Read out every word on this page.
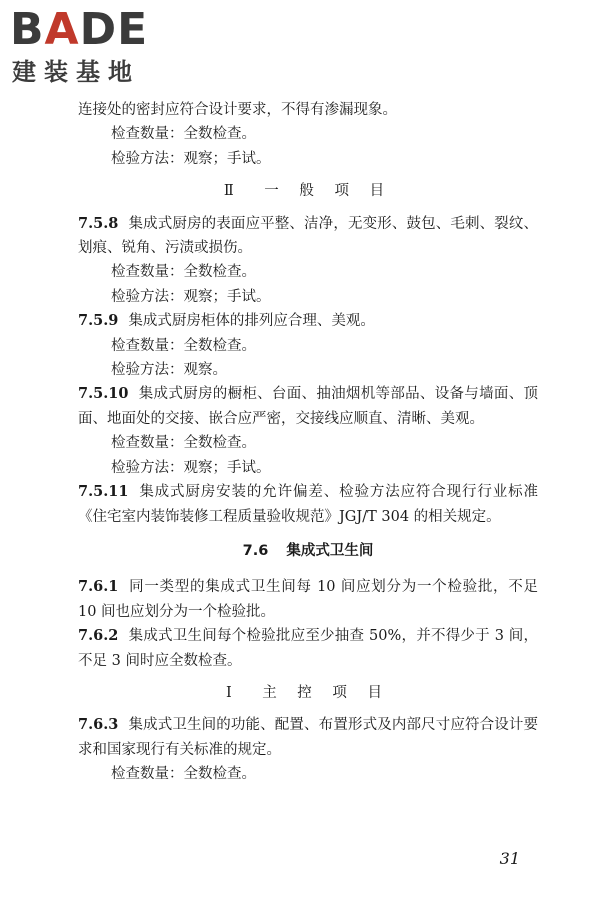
BADE
建装基地

连接处的密封应符合设计要求，不得有渗漏现象。

检查数量：全数检查。

检验方法：观察；手试。

Ⅱ　一 般 项 目

7.5.8 集成式厨房的表面应平整、洁净，无变形、鼓包、毛刺、裂纹、划痕、锐角、污渍或损伤。

检查数量：全数检查。

检验方法：观察；手试。

7.5.9 集成式厨房柜体的排列应合理、美观。

检查数量：全数检查。

检验方法：观察。

7.5.10 集成式厨房的橱柜、台面、抽油烟机等部品、设备与墙面、顶面、地面处的交接、嵌合应严密，交接线应顺直、清晰、美观。

检查数量：全数检查。

检验方法：观察；手试。

7.5.11 集成式厨房安装的允许偏差、检验方法应符合现行行业标准《住宅室内装饰装修工程质量验收规范》JGJ/T 304 的相关规定。

7.6 集成式卫生间

7.6.1 同一类型的集成式卫生间每 10 间应划分为一个检验批，不足 10 间也应划分为一个检验批。

7.6.2 集成式卫生间每个检验批应至少抽查 50%，并不得少于 3 间，不足 3 间时应全数检查。

Ⅰ　主 控 项 目

7.6.3 集成式卫生间的功能、配置、布置形式及内部尺寸应符合设计要求和国家现行有关标准的规定。

检查数量：全数检查。

31
